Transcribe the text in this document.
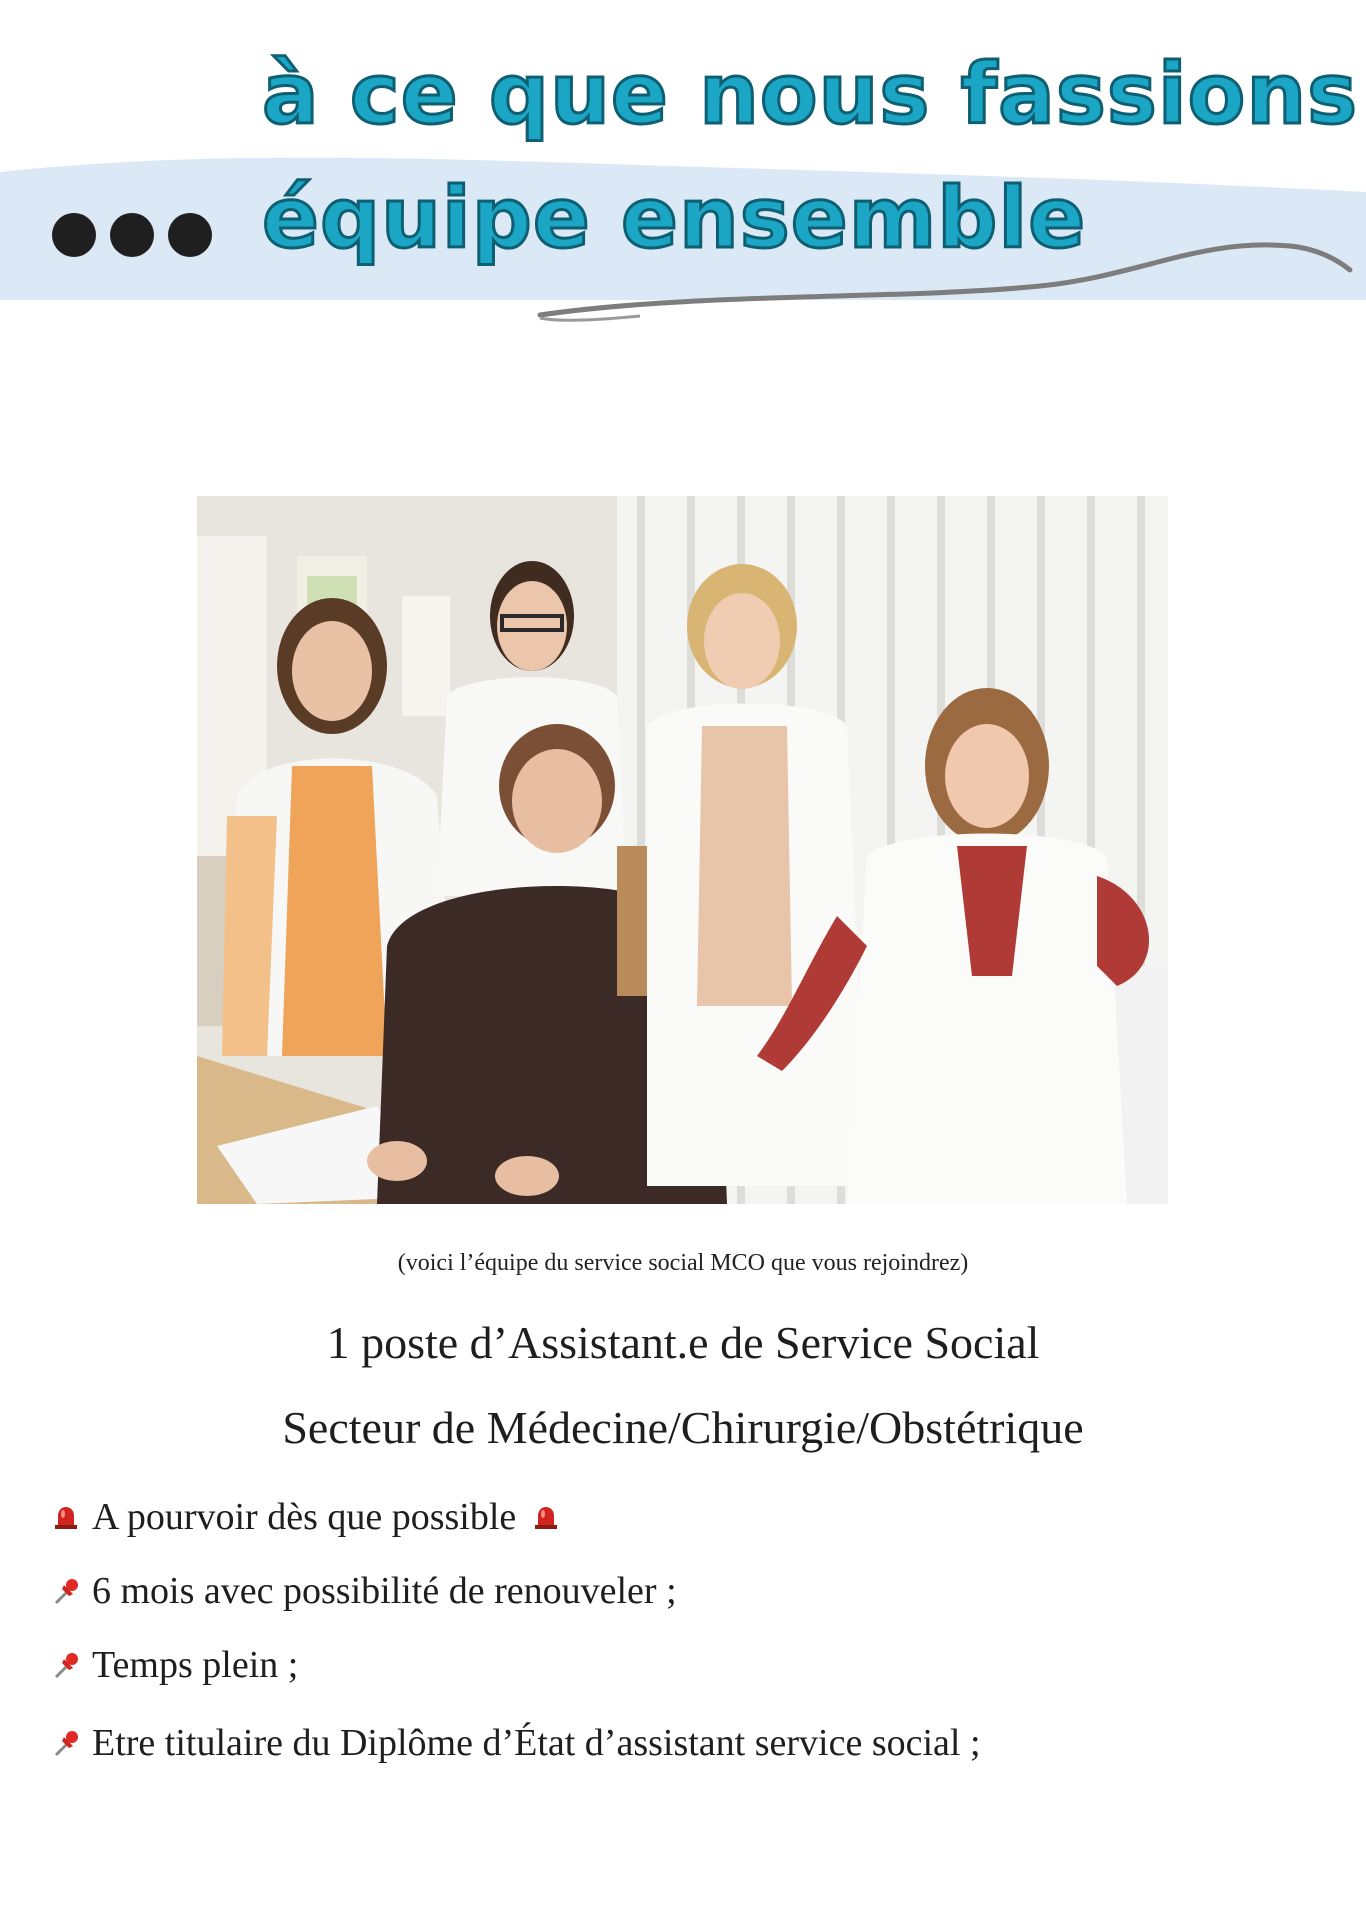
à ce que nous fassions
équipe ensemble
(voici l’équipe du service social MCO que vous rejoindrez)
1 poste d’Assistant.e de Service Social
Secteur de Médecine/Chirurgie/Obstétrique
A pourvoir dès que possible
6 mois avec possibilité de renouveler ;
Temps plein ;
Etre titulaire du Diplôme d’État d’assistant service social ;
